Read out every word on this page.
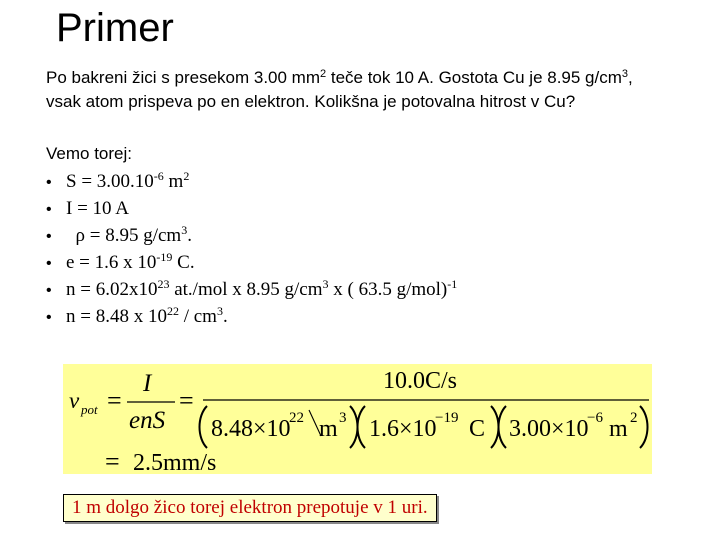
Primer
Po bakreni žici s presekom 3.00 $mm^2$ teče tok 10 A. Gostota Cu je 8.95 $g/cm^3$, vsak atom prispeva po en elektron. Kolikšna je potovalna hitrost v Cu?
Vemo torej:
• $S = 3.00.10^{-6}$ $m^2$
• I = 10 A
•  ρ = 8.95 $g/cm^3$.
• e = 1.6 x $10^{-19}$ C.
• $n = 6.02x10^{23}$ at./mol x 8.95 $g/cm^3$ x ( 63.5 g/mol)$^{-1}$
• n = 8.48 x $10^{22} / cm^3$.
v pot =
I
enS
=
10.0C/s
8.48×10
22 m 3 1.6×10
−19 C 3.00×10
−6 m 2
= 2.5mm/s
1 m dolgo žico torej elektron prepotuje v 1 uri.
